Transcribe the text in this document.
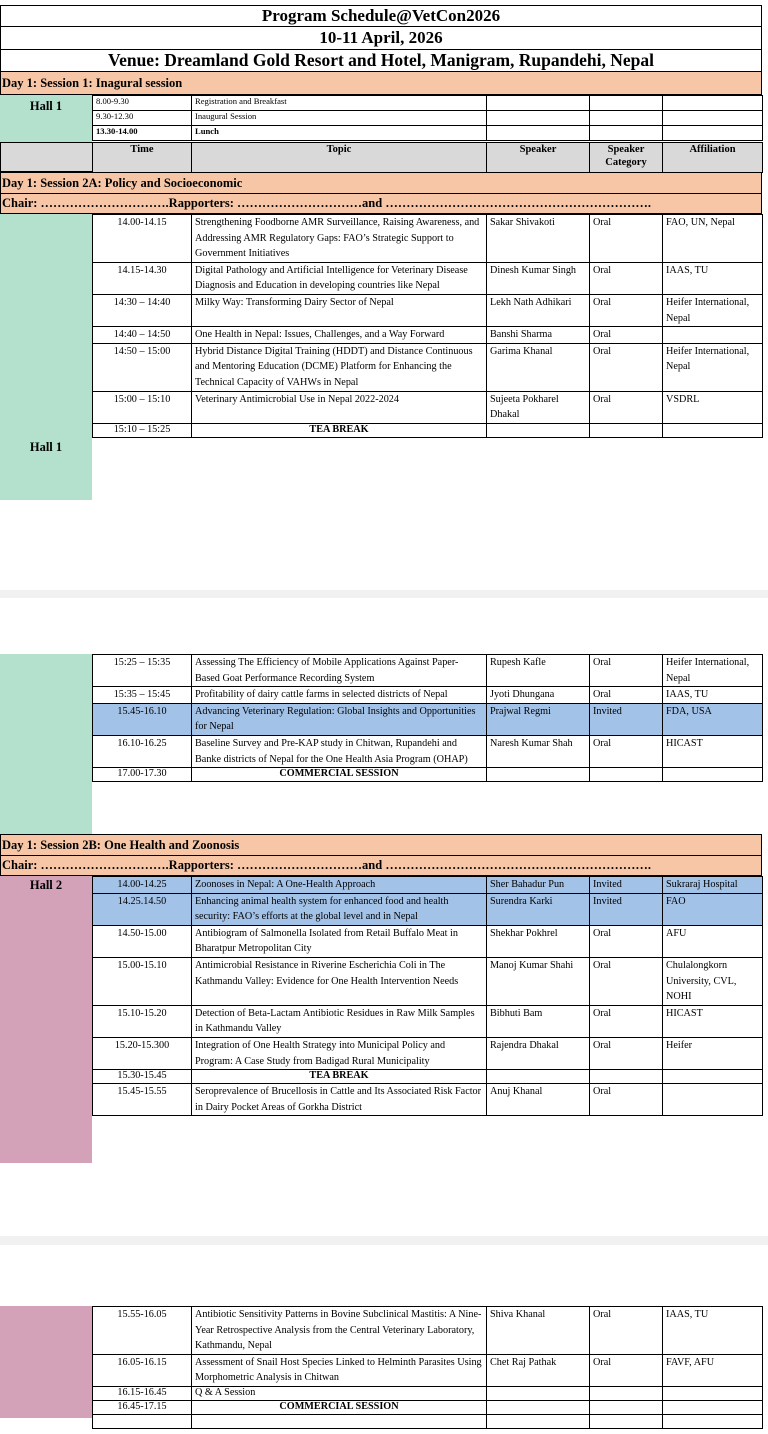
Program Schedule@VetCon2026
10-11 April, 2026
Venue: Dreamland Gold Resort and Hotel, Manigram, Rupandehi, Nepal
Day 1: Session 1: Inagural session
Hall 1	8.00-9.30	Registration and Breakfast			
9.30-12.30	Inaugural Session			
13.30-14.00	Lunch			
Time	Topic	Speaker	Speaker Category	Affiliation
Day 1: Session 2A: Policy and Socioeconomic
Chair: ………………………….Rapporters: …………………………and ……………………………………………………….
Hall 1
14.00-14.15	Strengthening Foodborne AMR Surveillance, Raising Awareness, and Addressing AMR Regulatory Gaps: FAO’s Strategic Support to Government Initiatives	Sakar Shivakoti	Oral	FAO, UN, Nepal
14.15-14.30	Digital Pathology and Artificial Intelligence for Veterinary Disease Diagnosis and Education in developing countries like Nepal	Dinesh Kumar Singh	Oral	IAAS, TU
14:30 – 14:40	Milky Way: Transforming Dairy Sector of Nepal	Lekh Nath Adhikari	Oral	Heifer International, Nepal
14:40 – 14:50	One Health in Nepal: Issues, Challenges, and a Way Forward	Banshi Sharma	Oral	
14:50 – 15:00	Hybrid Distance Digital Training (HDDT) and Distance Continuous and Mentoring Education (DCME) Platform for Enhancing the Technical Capacity of VAHWs in Nepal	Garima Khanal	Oral	Heifer International, Nepal
15:00 – 15:10	Veterinary Antimicrobial Use in Nepal 2022-2024	Sujeeta Pokharel Dhakal	Oral	VSDRL
15:10 – 15:25	TEA BREAK			
15:25 – 15:35	Assessing The Efficiency of Mobile Applications Against Paper-Based Goat Performance Recording System	Rupesh Kafle	Oral	Heifer International, Nepal
15:35 – 15:45	Profitability of dairy cattle farms in selected districts of Nepal	Jyoti Dhungana	Oral	IAAS, TU
15.45-16.10	Advancing Veterinary Regulation: Global Insights and Opportunities for Nepal	Prajwal Regmi	Invited	FDA, USA
16.10-16.25	Baseline Survey and Pre-KAP study in Chitwan, Rupandehi and Banke districts of Nepal for the One Health Asia Program (OHAP)	Naresh Kumar Shah	Oral	HICAST
17.00-17.30	COMMERCIAL SESSION			
Day 1: Session 2B: One Health and Zoonosis
Chair: ………………………….Rapporters: …………………………and ……………………………………………………….
Hall 2	14.00-14.25	Zoonoses in Nepal: A One-Health Approach	Sher Bahadur Pun	Invited	Sukraraj Hospital
14.25.14.50	Enhancing animal health system for enhanced food and health security: FAO’s efforts at the global level and in Nepal	Surendra Karki	Invited	FAO
14.50-15.00	Antibiogram of Salmonella Isolated from Retail Buffalo Meat in Bharatpur Metropolitan City	Shekhar Pokhrel	Oral	AFU
15.00-15.10	Antimicrobial Resistance in Riverine Escherichia Coli in The Kathmandu Valley: Evidence for One Health Intervention Needs	Manoj Kumar Shahi	Oral	Chulalongkorn University, CVL, NOHI
15.10-15.20	Detection of Beta-Lactam Antibiotic Residues in Raw Milk Samples in Kathmandu Valley	Bibhuti Bam	Oral	HICAST
15.20-15.300	Integration of One Health Strategy into Municipal Policy and Program: A Case Study from Badigad Rural Municipality	Rajendra Dhakal	Oral	Heifer
15.30-15.45	TEA BREAK			
15.45-15.55	Seroprevalence of Brucellosis in Cattle and Its Associated Risk Factor in Dairy Pocket Areas of Gorkha District	Anuj Khanal	Oral	
15.55-16.05	Antibiotic Sensitivity Patterns in Bovine Subclinical Mastitis: A Nine-Year Retrospective Analysis from the Central Veterinary Laboratory, Kathmandu, Nepal	Shiva Khanal	Oral	IAAS, TU
16.05-16.15	Assessment of Snail Host Species Linked to Helminth Parasites Using Morphometric Analysis in Chitwan	Chet Raj Pathak	Oral	FAVF, AFU
16.15-16.45	Q & A Session			
16.45-17.15	COMMERCIAL SESSION			
